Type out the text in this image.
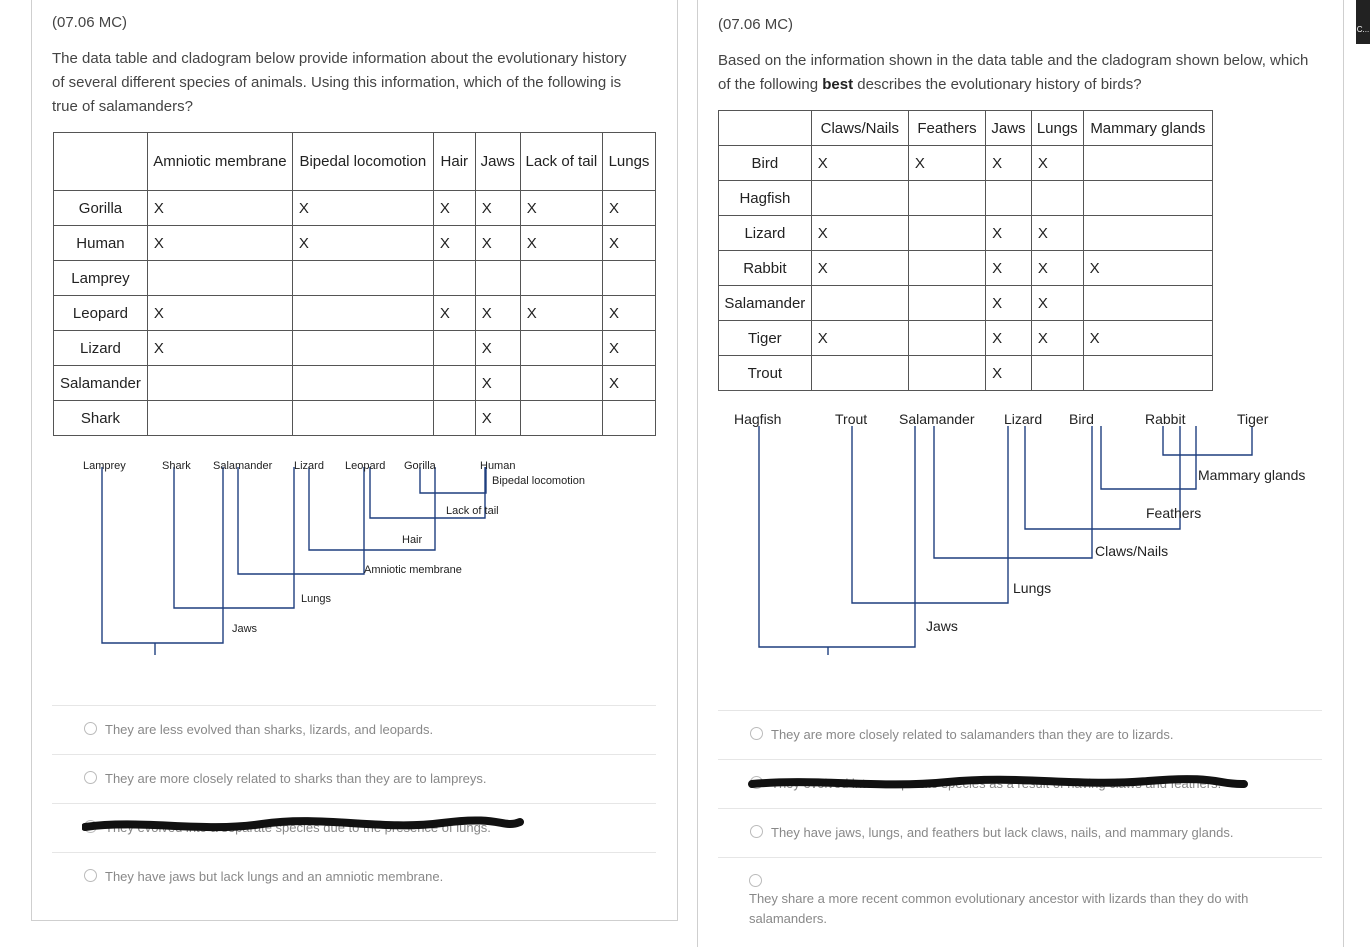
C...
(07.06 MC)
The data table and cladogram below provide information about the evolutionary history of several different species of animals. Using this information, which of the following is true of salamanders?
	Amniotic membrane	Bipedal locomotion	Hair	Jaws	Lack of tail	Lungs
Gorilla	X	X	X	X	X	X
Human	X	X	X	X	X	X
Lamprey						
Leopard	X		X	X	X	X
Lizard	X			X		X
Salamander				X		X
Shark				X		
Lamprey	Shark Salamander Lizard Leopard Gorilla	Human
Jaws
Lungs
Amniotic membrane
Hair
Lack of tail
Bipedal locomotion
They are less evolved than sharks, lizards, and leopards.
They are more closely related to sharks than they are to lampreys.
They evolved into a separate species due to the presence of lungs.
They have jaws but lack lungs and an amniotic membrane.
(07.06 MC)
Based on the information shown in the data table and the cladogram shown below, which of the following best describes the evolutionary history of birds?
	Claws/Nails	Feathers	Jaws	Lungs	Mammary glands
Bird	X	X	X	X	
Hagfish					
Lizard	X		X	X	
Rabbit	X		X	X	X
Salamander			X	X	
Tiger	X		X	X	X
Trout			X		
Hagfish	Trout Salamander Lizard Bird	Rabbit	Tiger
Jaws
Lungs
Claws/Nails
Feathers
Mammary glands
They are more closely related to salamanders than they are to lizards.
They evolved into a separate species as a result of having claws and feathers.
They have jaws, lungs, and feathers but lack claws, nails, and mammary glands.
They share a more recent common evolutionary ancestor with lizards than they do with salamanders.
